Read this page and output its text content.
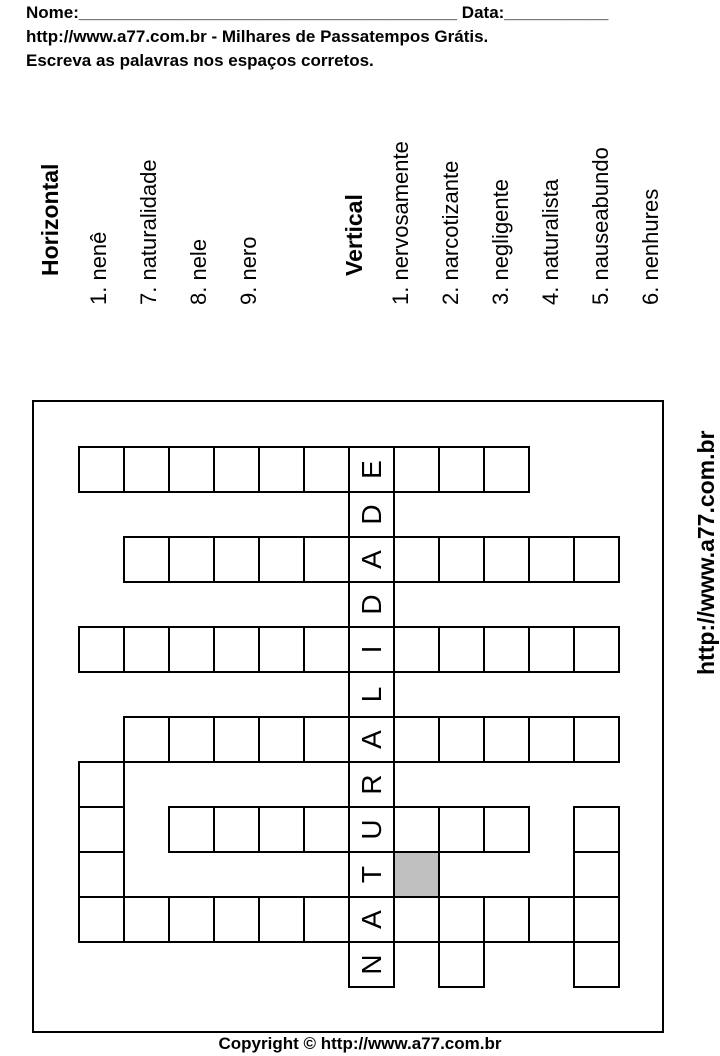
Nome:________________________________________ Data:___________
http://www.a77.com.br - Milhares de Passatempos Grátis.
Escreva as palavras nos espaços corretos.
Horizontal 1. nenê 7. naturalidade 8. nele 9. nero	Vertical 1. nervosamente 2. narcotizante 3. negligente 4. naturalista 5. nauseabundo 6. nenhures
http://www.a77.com.br
E
D
A
D
I
L
A
R
U
T
A
N
Copyright © http://www.a77.com.br
